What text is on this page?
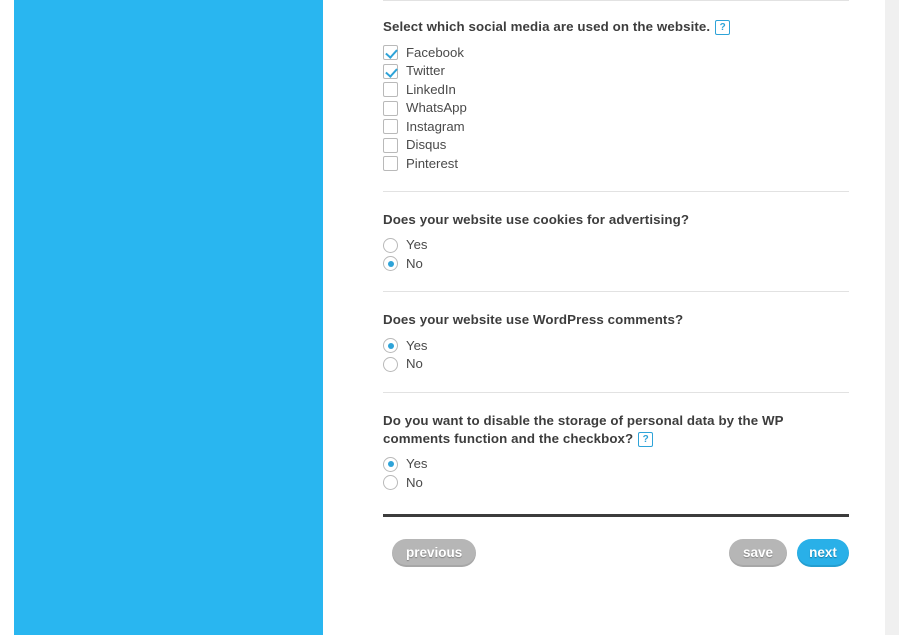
Select which social media are used on the website. ?
Facebook
Twitter
LinkedIn
WhatsApp
Instagram
Disqus
Pinterest
Does your website use cookies for advertising?
Yes
No
Does your website use WordPress comments?
Yes
No
Do you want to disable the storage of personal data by the WP comments function and the checkbox? ?
Yes
No
previous	save	next
